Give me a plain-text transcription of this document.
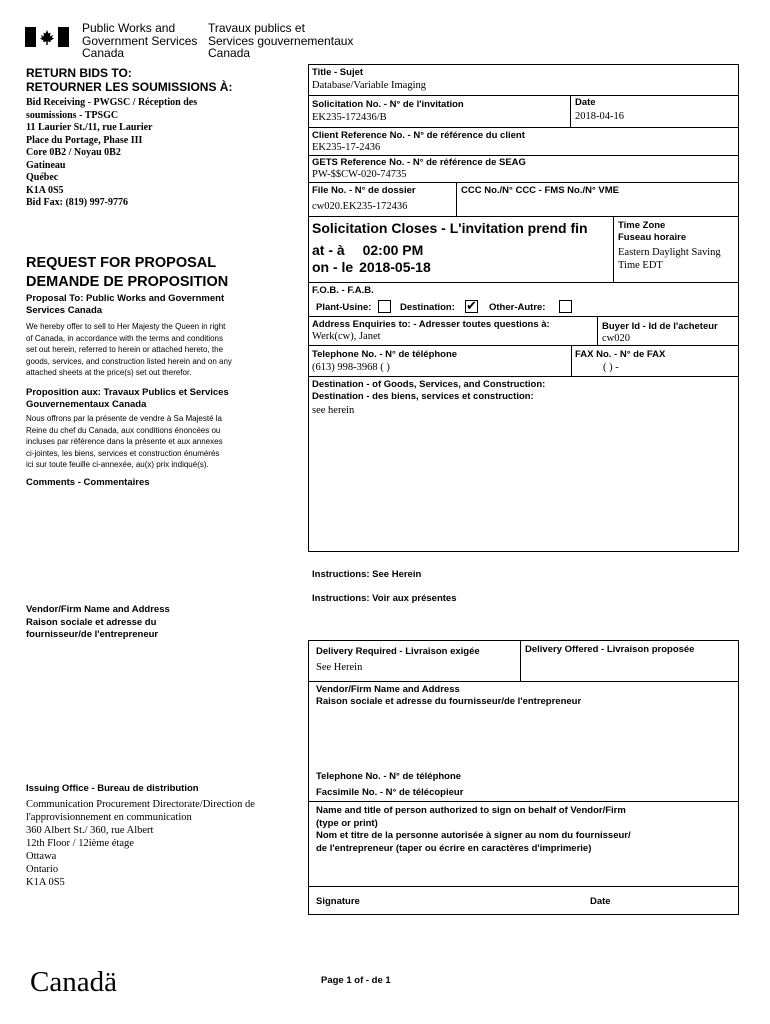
Public Works and
Government Services
Canada
Travaux publics et
Services gouvernementaux
Canada
RETURN BIDS TO:
RETOURNER LES SOUMISSIONS À:
Bid Receiving - PWGSC / Réception des
soumissions - TPSGC
11 Laurier St./11, rue Laurier
Place du Portage, Phase III
Core 0B2 / Noyau 0B2
Gatineau
Québec
K1A 0S5
Bid Fax: (819) 997-9776
REQUEST FOR PROPOSAL
DEMANDE DE PROPOSITION
Proposal To: Public Works and Government
Services Canada
We hereby offer to sell to Her Majesty the Queen in right
of Canada, in accordance with the terms and conditions
set out herein, referred to herein or attached hereto, the
goods, services, and construction listed herein and on any
attached sheets at the price(s) set out therefor.
Proposition aux: Travaux Publics et Services
Gouvernementaux Canada
Nous offrons par la présente de vendre à Sa Majesté la
Reine du chef du Canada, aux conditions énoncées ou
incluses par référence dans la présente et aux annexes
ci-jointes, les biens, services et construction énumérés
ici sur toute feuille ci-annexée, au(x) prix indiqué(s).
Comments - Commentaires
Vendor/Firm Name and Address
Raison sociale et adresse du
fournisseur/de l'entrepreneur
Issuing Office - Bureau de distribution
Communication Procurement Directorate/Direction de
l'approvisionnement en communication
360 Albert St./ 360, rue Albert
12th Floor / 12ième étage
Ottawa
Ontario
K1A 0S5
Title - Sujet
Database/Variable Imaging
Solicitation No. - N° de l'invitation
EK235-172436/B
Date
2018-04-16
Client Reference No. - N° de référence du client
EK235-17-2436
GETS Reference No. - N° de référence de SEAG
PW-$$CW-020-74735
File No. - N° de dossier
cw020.EK235-172436
CCC No./N° CCC - FMS No./N° VME
Solicitation Closes - L'invitation prend fin
at - à 02:00 PM
on - le 2018-05-18
Time Zone
Fuseau horaire
Eastern Daylight Saving
Time EDT
F.O.B. - F.A.B.
Plant-Usine:	Destination: ✔ Other-Autre:
Address Enquiries to: - Adresser toutes questions à:
Werk(cw), Janet
Buyer Id - Id de l'acheteur
cw020
Telephone No. - N° de téléphone
(613) 998-3968 ( )
FAX No. - N° de FAX
( ) -
Destination - of Goods, Services, and Construction:
Destination - des biens, services et construction:
see herein
Instructions: See Herein
Instructions: Voir aux présentes
Delivery Required - Livraison exigée
See Herein
Delivery Offered - Livraison proposée
Vendor/Firm Name and Address
Raison sociale et adresse du fournisseur/de l'entrepreneur
Telephone No. - N° de téléphone
Facsimile No. - N° de télécopieur
Name and title of person authorized to sign on behalf of Vendor/Firm
(type or print)
Nom et titre de la personne autorisée à signer au nom du fournisseur/
de l'entrepreneur (taper ou écrire en caractères d'imprimerie)
Signature	Date
Canadä	Page 1 of - de 1
